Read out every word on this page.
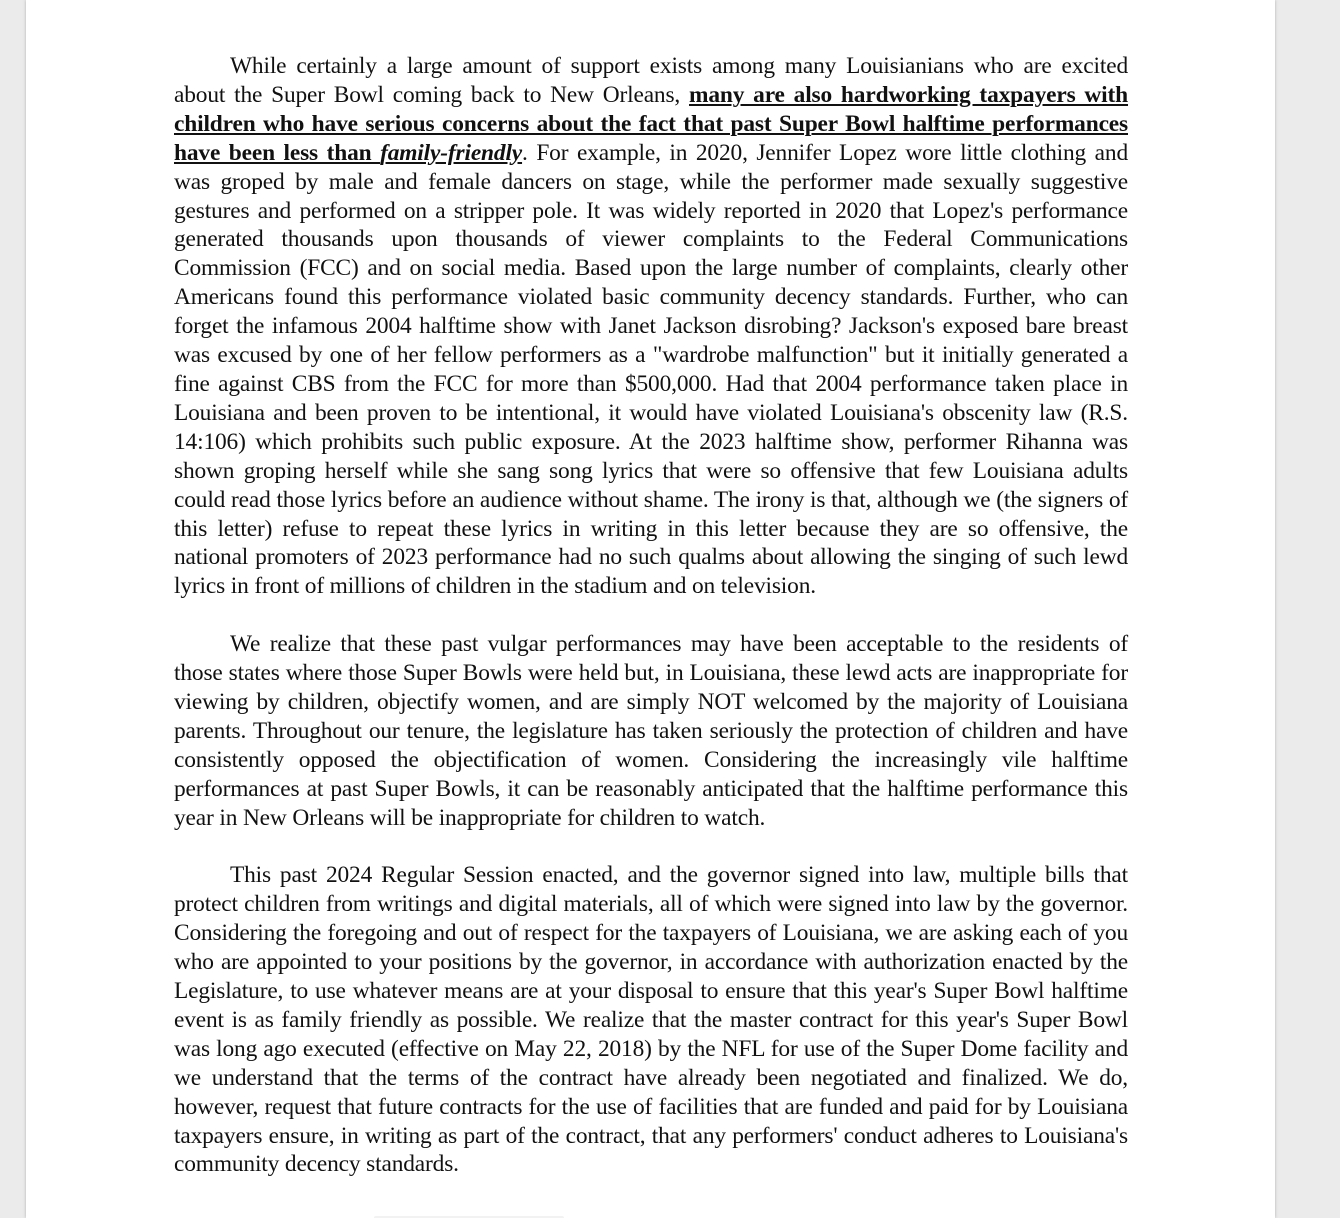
While certainly a large amount of support exists among many Louisianians who are excited about the Super Bowl coming back to New Orleans, many are also hardworking taxpayers with children who have serious concerns about the fact that past Super Bowl halftime performances have been less than family-friendly. For example, in 2020, Jennifer Lopez wore little clothing and was groped by male and female dancers on stage, while the performer made sexually suggestive gestures and performed on a stripper pole. It was widely reported in 2020 that Lopez's performance generated thousands upon thousands of viewer complaints to the Federal Communications Commission (FCC) and on social media. Based upon the large number of complaints, clearly other Americans found this performance violated basic community decency standards. Further, who can forget the infamous 2004 halftime show with Janet Jackson disrobing? Jackson's exposed bare breast was excused by one of her fellow performers as a "wardrobe malfunction" but it initially generated a fine against CBS from the FCC for more than $500,000. Had that 2004 performance taken place in Louisiana and been proven to be intentional, it would have violated Louisiana's obscenity law (R.S. 14:106) which prohibits such public exposure. At the 2023 halftime show, performer Rihanna was shown groping herself while she sang song lyrics that were so offensive that few Louisiana adults could read those lyrics before an audience without shame. The irony is that, although we (the signers of this letter) refuse to repeat these lyrics in writing in this letter because they are so offensive, the national promoters of 2023 performance had no such qualms about allowing the singing of such lewd lyrics in front of millions of children in the stadium and on television.

We realize that these past vulgar performances may have been acceptable to the residents of those states where those Super Bowls were held but, in Louisiana, these lewd acts are inappropriate for viewing by children, objectify women, and are simply NOT welcomed by the majority of Louisiana parents. Throughout our tenure, the legislature has taken seriously the protection of children and have consistently opposed the objectification of women. Considering the increasingly vile halftime performances at past Super Bowls, it can be reasonably anticipated that the halftime performance this year in New Orleans will be inappropriate for children to watch.

This past 2024 Regular Session enacted, and the governor signed into law, multiple bills that protect children from writings and digital materials, all of which were signed into law by the governor. Considering the foregoing and out of respect for the taxpayers of Louisiana, we are asking each of you who are appointed to your positions by the governor, in accordance with authorization enacted by the Legislature, to use whatever means are at your disposal to ensure that this year's Super Bowl halftime event is as family friendly as possible. We realize that the master contract for this year's Super Bowl was long ago executed (effective on May 22, 2018) by the NFL for use of the Super Dome facility and we understand that the terms of the contract have already been negotiated and finalized. We do, however, request that future contracts for the use of facilities that are funded and paid for by Louisiana taxpayers ensure, in writing as part of the contract, that any performers' conduct adheres to Louisiana's community decency standards.
